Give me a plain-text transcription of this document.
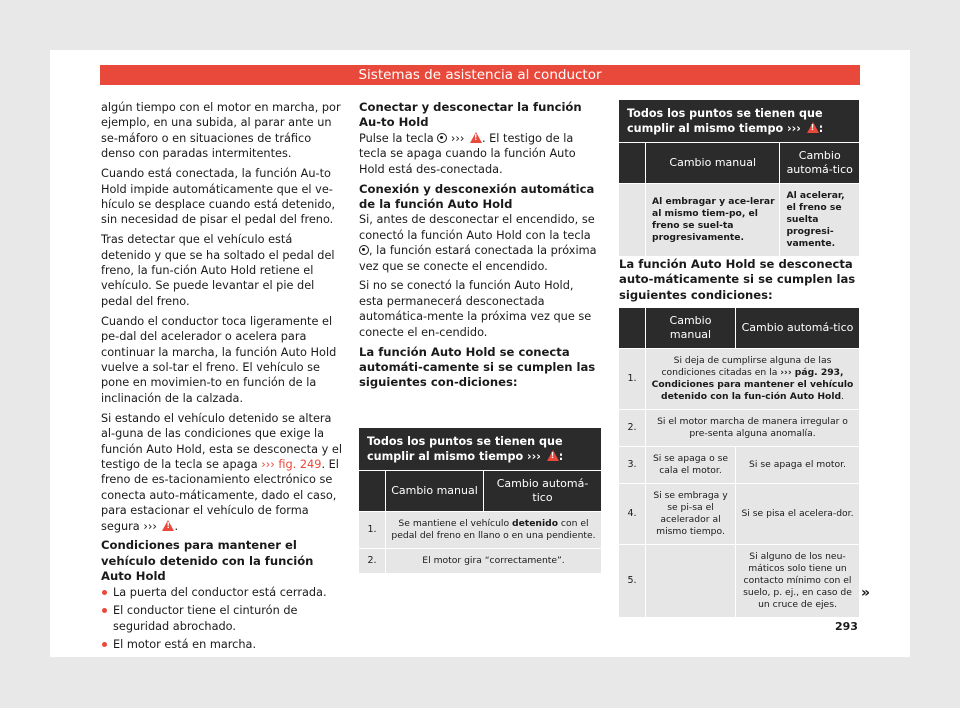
Sistemas de asistencia al conductor

algún tiempo con el motor en marcha, por ejemplo, en una subida, al parar ante un se-máforo o en situaciones de tráfico denso con paradas intermitentes.

Cuando está conectada, la función Au-to Hold impide automáticamente que el ve-hículo se desplace cuando está detenido, sin necesidad de pisar el pedal del freno.

Tras detectar que el vehículo está detenido y que se ha soltado el pedal del freno, la fun-ción Auto Hold retiene el vehículo. Se puede levantar el pie del pedal del freno.

Cuando el conductor toca ligeramente el pe-dal del acelerador o acelera para continuar la marcha, la función Auto Hold vuelve a sol-tar el freno. El vehículo se pone en movimien-to en función de la inclinación de la calzada.

Si estando el vehículo detenido se altera al-guna de las condiciones que exige la función Auto Hold, esta se desconecta y el testigo de la tecla se apaga ››› fig. 249. El freno de es-tacionamiento electrónico se conecta auto-máticamente, dado el caso, para estacionar el vehículo de forma segura ››› ! .

Condiciones para mantener el vehículo detenido con la función Auto Hold
La puerta del conductor está cerrada.
El conductor tiene el cinturón de seguridad abrochado.
El motor está en marcha.
Conectar y desconectar la función Au-to Hold

Pulse la tecla  ››› ! . El testigo de la tecla se apaga cuando la función Auto Hold está des-conectada.

Conexión y desconexión automática de la función Auto Hold

Si, antes de desconectar el encendido, se conectó la función Auto Hold con la tecla , la función estará conectada la próxima vez que se conecte el encendido.

Si no se conectó la función Auto Hold, esta permanecerá desconectada automática-mente la próxima vez que se conecte el en-cendido.

La función Auto Hold se conecta automáti-camente si se cumplen las siguientes con-diciones:
Todos los puntos se tienen que cumplir al mismo tiempo ››› ! :
	Cambio manual	Cambio automá-tico
1.	Se mantiene el vehículo detenido con el pedal del freno en llano o en una pendiente.	
2.	El motor gira “correctamente”.	
Todos los puntos se tienen que cumplir al mismo tiempo ››› ! :
	Cambio manual	Cambio automá-tico
	Al embragar y ace-lerar al mismo tiem-po, el freno se suel-ta progresivamente.	Al acelerar, el freno se suelta progresi-vamente.
La función Auto Hold se desconecta auto-máticamente si se cumplen las siguientes condiciones:
	Cambio manual	Cambio automá-tico
1.	Si deja de cumplirse alguna de las condiciones citadas en la ››› pág. 293, Condiciones para mantener el vehículo detenido con la fun-ción Auto Hold.	
2.	Si el motor marcha de manera irregular o pre-senta alguna anomalía.	
3.	Si se apaga o se cala el motor.	Si se apaga el motor.
4.	Si se embraga y se pi-sa el acelerador al mismo tiempo.	Si se pisa el acelera-dor.
5.		Si alguno de los neu-máticos solo tiene un contacto mínimo con el suelo, p. ej., en caso de un cruce de ejes.
»
293
